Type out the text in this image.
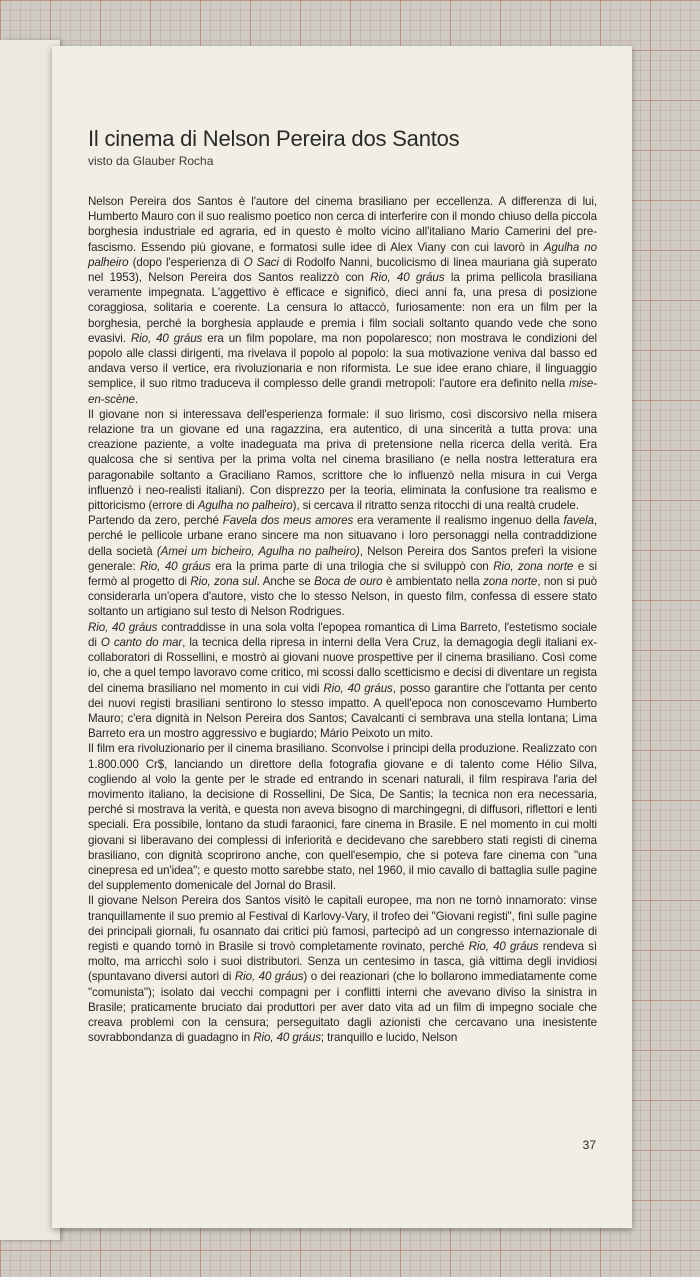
Il cinema di Nelson Pereira dos Santos
visto da Glauber Rocha

Nelson Pereira dos Santos è l'autore del cinema brasiliano per eccellenza. A differenza di lui, Humberto Mauro con il suo realismo poetico non cerca di interferire con il mondo chiuso della piccola borghesia industriale ed agraria, ed in questo è molto vicino all'italiano Mario Camerini del pre-fascismo. Essendo più giovane, e formatosi sulle idee di Alex Viany con cui lavorò in Agulha no palheiro (dopo l'esperienza di O Saci di Rodolfo Nanni, bucolicismo di linea mauriana già superato nel 1953), Nelson Pereira dos Santos realizzò con Rio, 40 gráus la prima pellicola brasiliana veramente impegnata. L'aggettivo è efficace e significò, dieci anni fa, una presa di posizione coraggiosa, solitaria e coerente. La censura lo attaccò, furiosamente: non era un film per la borghesia, perché la borghesia applaude e premia i film sociali soltanto quando vede che sono evasivi. Rio, 40 gráus era un film popolare, ma non popolaresco; non mostrava le condizioni del popolo alle classi dirigenti, ma rivelava il popolo al popolo: la sua motivazione veniva dal basso ed andava verso il vertice, era rivoluzionaria e non riformista. Le sue idee erano chiare, il linguaggio semplice, il suo ritmo traduceva il complesso delle grandi metropoli: l'autore era definito nella mise-en-scène.

Il giovane non si interessava dell'esperienza formale: il suo lirismo, così discorsivo nella misera relazione tra un giovane ed una ragazzina, era autentico, di una sincerità a tutta prova: una creazione paziente, a volte inadeguata ma priva di pretensione nella ricerca della verità. Era qualcosa che si sentiva per la prima volta nel cinema brasiliano (e nella nostra letteratura era paragonabile soltanto a Graciliano Ramos, scrittore che lo influenzò nella misura in cui Verga influenzò i neo-realisti italiani). Con disprezzo per la teoria, eliminata la confusione tra realismo e pittoricismo (errore di Agulha no palheiro), si cercava il ritratto senza ritocchi di una realtà crudele.

Partendo da zero, perché Favela dos meus amores era veramente il realismo ingenuo della favela, perché le pellicole urbane erano sincere ma non situavano i loro personaggi nella contraddizione della società (Amei um bicheiro, Agulha no palheiro), Nelson Pereira dos Santos preferì la visione generale: Rio, 40 gráus era la prima parte di una trilogia che si sviluppò con Rio, zona norte e si fermò al progetto di Rio, zona sul. Anche se Boca de ouro è ambientato nella zona norte, non si può considerarla un'opera d'autore, visto che lo stesso Nelson, in questo film, confessa di essere stato soltanto un artigiano sul testo di Nelson Rodrigues.

Rio, 40 gráus contraddisse in una sola volta l'epopea romantica di Lima Barreto, l'estetismo sociale di O canto do mar, la tecnica della ripresa in interni della Vera Cruz, la demagogia degli italiani ex-collaboratori di Rossellini, e mostrò ai giovani nuove prospettive per il cinema brasiliano. Così come io, che a quel tempo lavoravo come critico, mi scossi dallo scetticismo e decisi di diventare un regista del cinema brasiliano nel momento in cui vidi Rio, 40 gráus, posso garantire che l'ottanta per cento dei nuovi registi brasiliani sentirono lo stesso impatto. A quell'epoca non conoscevamo Humberto Mauro; c'era dignità in Nelson Pereira dos Santos; Cavalcanti ci sembrava una stella lontana; Lima Barreto era un mostro aggressivo e bugiardo; Mário Peixoto un mito.

Il film era rivoluzionario per il cinema brasiliano. Sconvolse i principi della produzione. Realizzato con 1.800.000 Cr$, lanciando un direttore della fotografia giovane e di talento come Hélio Silva, cogliendo al volo la gente per le strade ed entrando in scenari naturali, il film respirava l'aria del movimento italiano, la decisione di Rossellini, De Sica, De Santis; la tecnica non era necessaria, perché si mostrava la verità, e questa non aveva bisogno di marchingegni, di diffusori, riflettori e lenti speciali. Era possibile, lontano da studi faraonici, fare cinema in Brasile. E nel momento in cui molti giovani si liberavano dei complessi di inferiorità e decidevano che sarebbero stati registi di cinema brasiliano, con dignità scoprirono anche, con quell'esempio, che si poteva fare cinema con "una cinepresa ed un'idea"; e questo motto sarebbe stato, nel 1960, il mio cavallo di battaglia sulle pagine del supplemento domenicale del Jornal do Brasil.

Il giovane Nelson Pereira dos Santos visitò le capitali europee, ma non ne tornò innamorato: vinse tranquillamente il suo premio al Festival di Karlovy-Vary, il trofeo dei "Giovani registi", finì sulle pagine dei principali giornali, fu osannato dai critici più famosi, partecipò ad un congresso internazionale di registi e quando tornò in Brasile si trovò completamente rovinato, perché Rio, 40 gráus rendeva sì molto, ma arricchì solo i suoi distributori. Senza un centesimo in tasca, già vittima degli invidiosi (spuntavano diversi autori di Rio, 40 gráus) o dei reazionari (che lo bollarono immediatamente come "comunista"); isolato dai vecchi compagni per i conflitti interni che avevano diviso la sinistra in Brasile; praticamente bruciato dai produttori per aver dato vita ad un film di impegno sociale che creava problemi con la censura; perseguitato dagli azionisti che cercavano una inesistente sovrabbondanza di guadagno in Rio, 40 gráus; tranquillo e lucido, Nelson

37
